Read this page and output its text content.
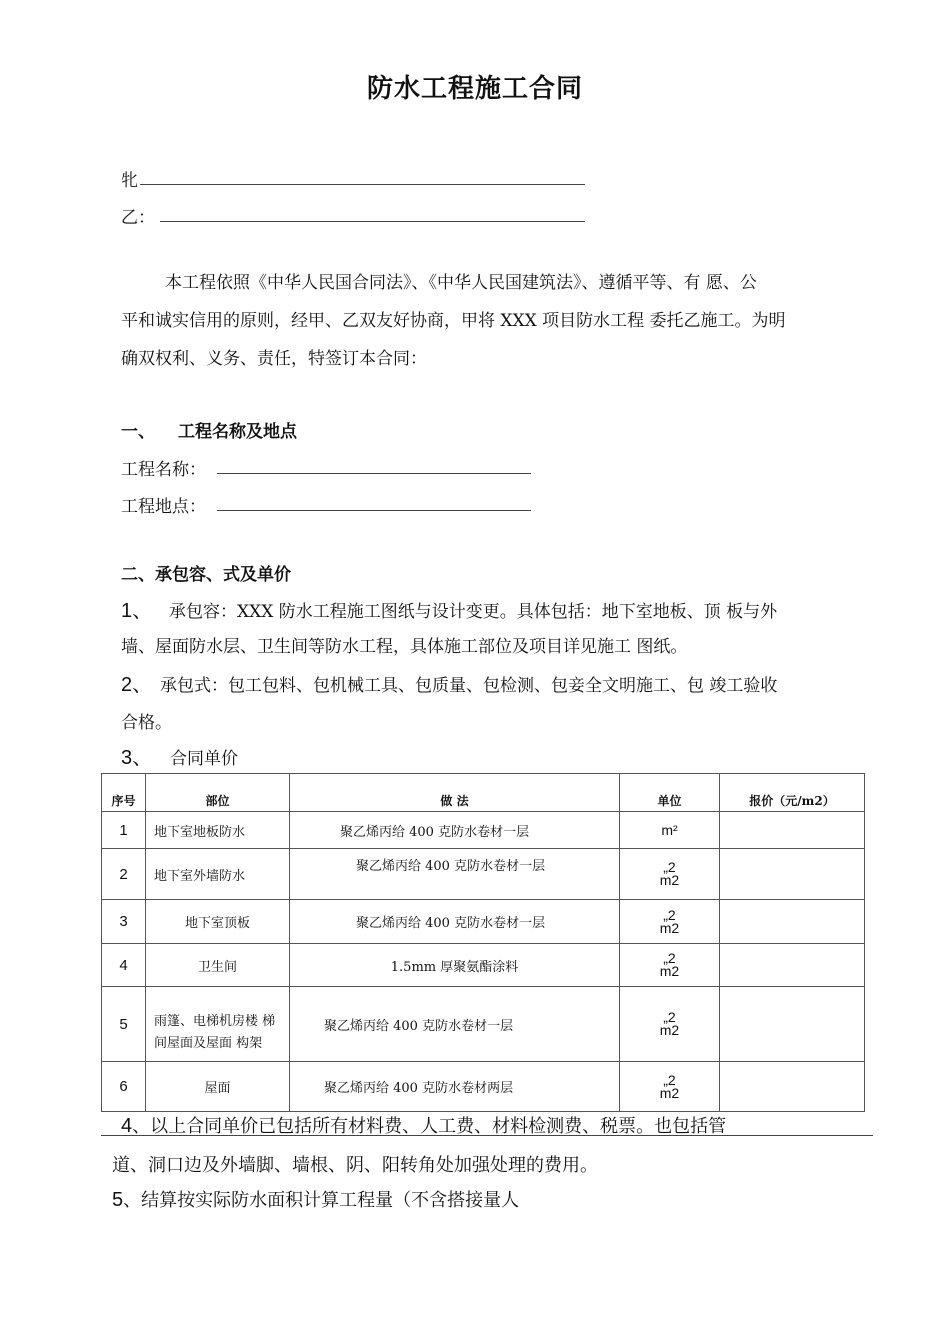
防水工程施工合同
牝
乙：
本工程依照《中华人民国合同法》、《中华人民国建筑法》、遵循平等、有 愿、公
平和诚实信用的原则，经甲、乙双友好协商，甲将 XXX 项目防水工程 委托乙施工。为明
确双权利、义务、责任，特签订本合同：
一、 工程名称及地点
工程名称：
工程地点：
二、承包容、式及单价
1、 承包容：XXX 防水工程施工图纸与设计变更。具体包括：地下室地板、顶 板与外
墙、屋面防水层、卫生间等防水工程，具体施工部位及项目详见施工 图纸。
2、 承包式：包工包料、包机械工具、包质量、包检测、包妾全文明施工、包 竣工验收
合格。
3、 合同单价
序号	部位	做 法	单位	报价（元/m2）
1	地下室地板防水	聚乙烯丙给 400 克防水卷材一层	m²	
2	地下室外墙防水	聚乙烯丙给 400 克防水卷材一层	„2
m2	

3	地下室顶板	聚乙烯丙给 400 克防水卷材一层	„2
m2	

4	卫生间	1.5mm 厚聚氨酯涂料	„2
m2	

5	雨篷、电梯机房楼 梯间屋面及屋面 构架	聚乙烯丙给 400 克防水卷材一层	„2
m2	

6	屋面	聚乙烯丙给 400 克防水卷材两层	„2
m2	

4、以上合同单价已包括所有材料费、人工费、材料检测费、税票。也包括管
道、洞口边及外墙脚、墙根、阴、阳转角处加强处理的费用。
5、结算按实际防水面积计算工程量（不含搭接量人
